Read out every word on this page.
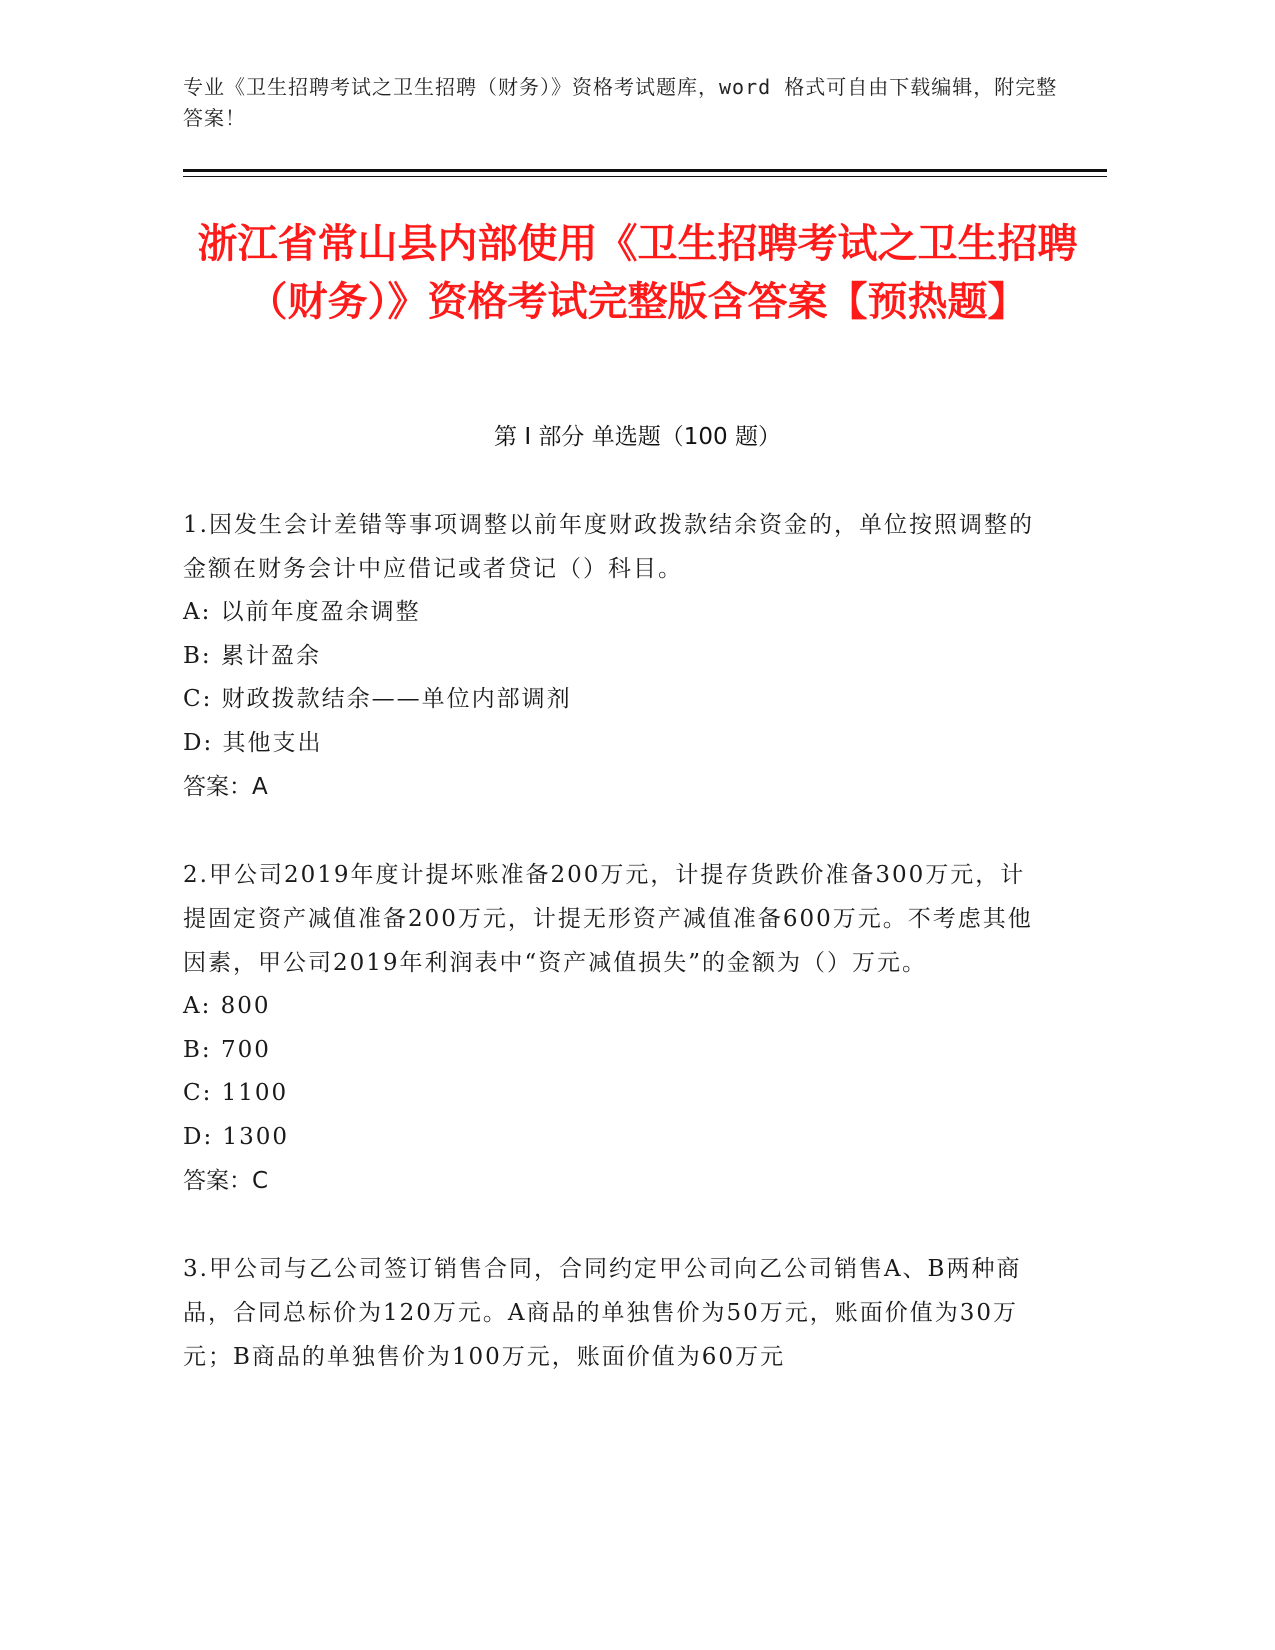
专业《卫生招聘考试之卫生招聘（财务）》资格考试题库，word 格式可自由下载编辑，附完整答案！
浙江省常山县内部使用《卫生招聘考试之卫生招聘（财务）》资格考试完整版含答案【预热题】
第 I 部分 单选题（100 题）

1.因发生会计差错等事项调整以前年度财政拨款结余资金的，单位按照调整的金额在财务会计中应借记或者贷记（）科目。

A: 以前年度盈余调整

B: 累计盈余

C: 财政拨款结余——单位内部调剂

D: 其他支出

答案：A

2.甲公司2019年度计提坏账准备200万元，计提存货跌价准备300万元，计提固定资产减值准备200万元，计提无形资产减值准备600万元。不考虑其他因素，甲公司2019年利润表中“资产减值损失”的金额为（）万元。

A: 800

B: 700

C: 1100

D: 1300

答案：C

3.甲公司与乙公司签订销售合同，合同约定甲公司向乙公司销售A、B两种商品，合同总标价为120万元。A商品的单独售价为50万元，账面价值为30万元；B商品的单独售价为100万元，账面价值为60万元
